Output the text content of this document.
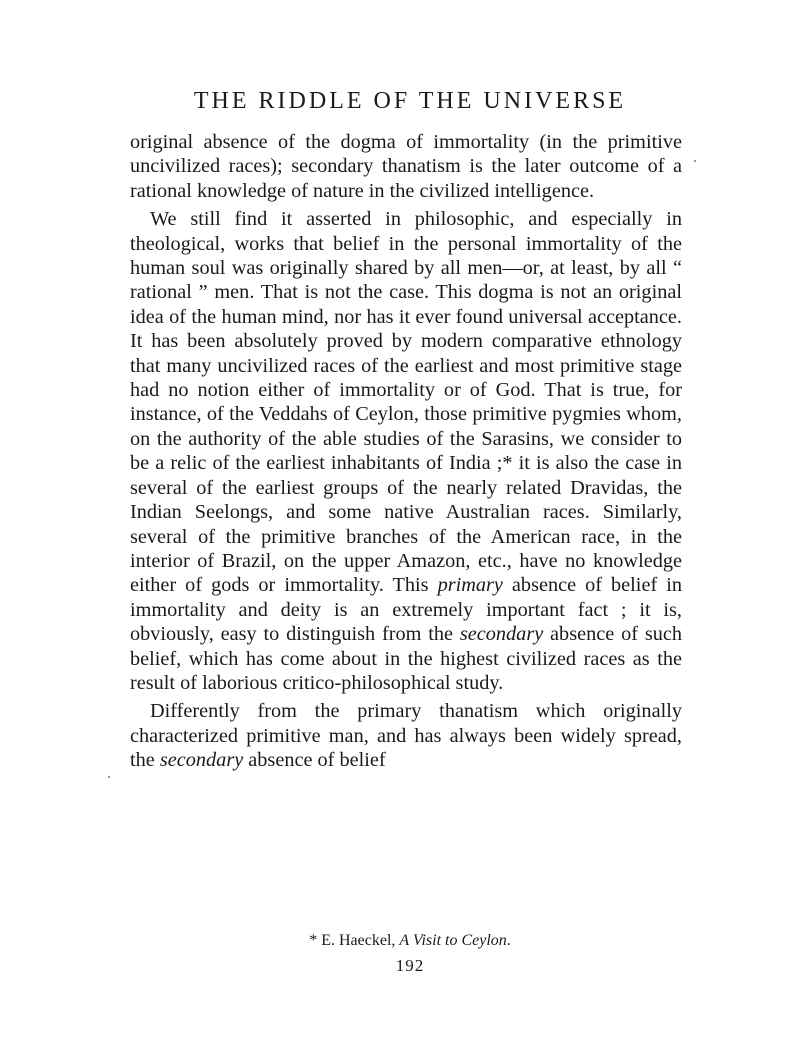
THE RIDDLE OF THE UNIVERSE

original absence of the dogma of immortality (in the primitive uncivilized races); secondary thanatism is the later outcome of a rational knowledge of nature in the civilized intelligence.

We still find it asserted in philosophic, and especially in theological, works that belief in the personal immortality of the human soul was originally shared by all men—or, at least, by all “ rational ” men. That is not the case. This dogma is not an original idea of the human mind, nor has it ever found universal acceptance. It has been absolutely proved by modern comparative ethnology that many uncivilized races of the earliest and most primitive stage had no notion either of immortality or of God. That is true, for instance, of the Veddahs of Ceylon, those primitive pygmies whom, on the authority of the able studies of the Sarasins, we consider to be a relic of the earliest inhabitants of India ;* it is also the case in several of the earliest groups of the nearly related Dravidas, the Indian Seelongs, and some native Australian races. Similarly, several of the primitive branches of the American race, in the interior of Brazil, on the upper Amazon, etc., have no knowledge either of gods or immortality. This primary absence of belief in immortality and deity is an extremely important fact ; it is, obviously, easy to distinguish from the secondary absence of such belief, which has come about in the highest civilized races as the result of laborious critico-philosophical study.

Differently from the primary thanatism which originally characterized primitive man, and has always been widely spread, the secondary absence of belief

* E. Haeckel, A Visit to Ceylon.
192
